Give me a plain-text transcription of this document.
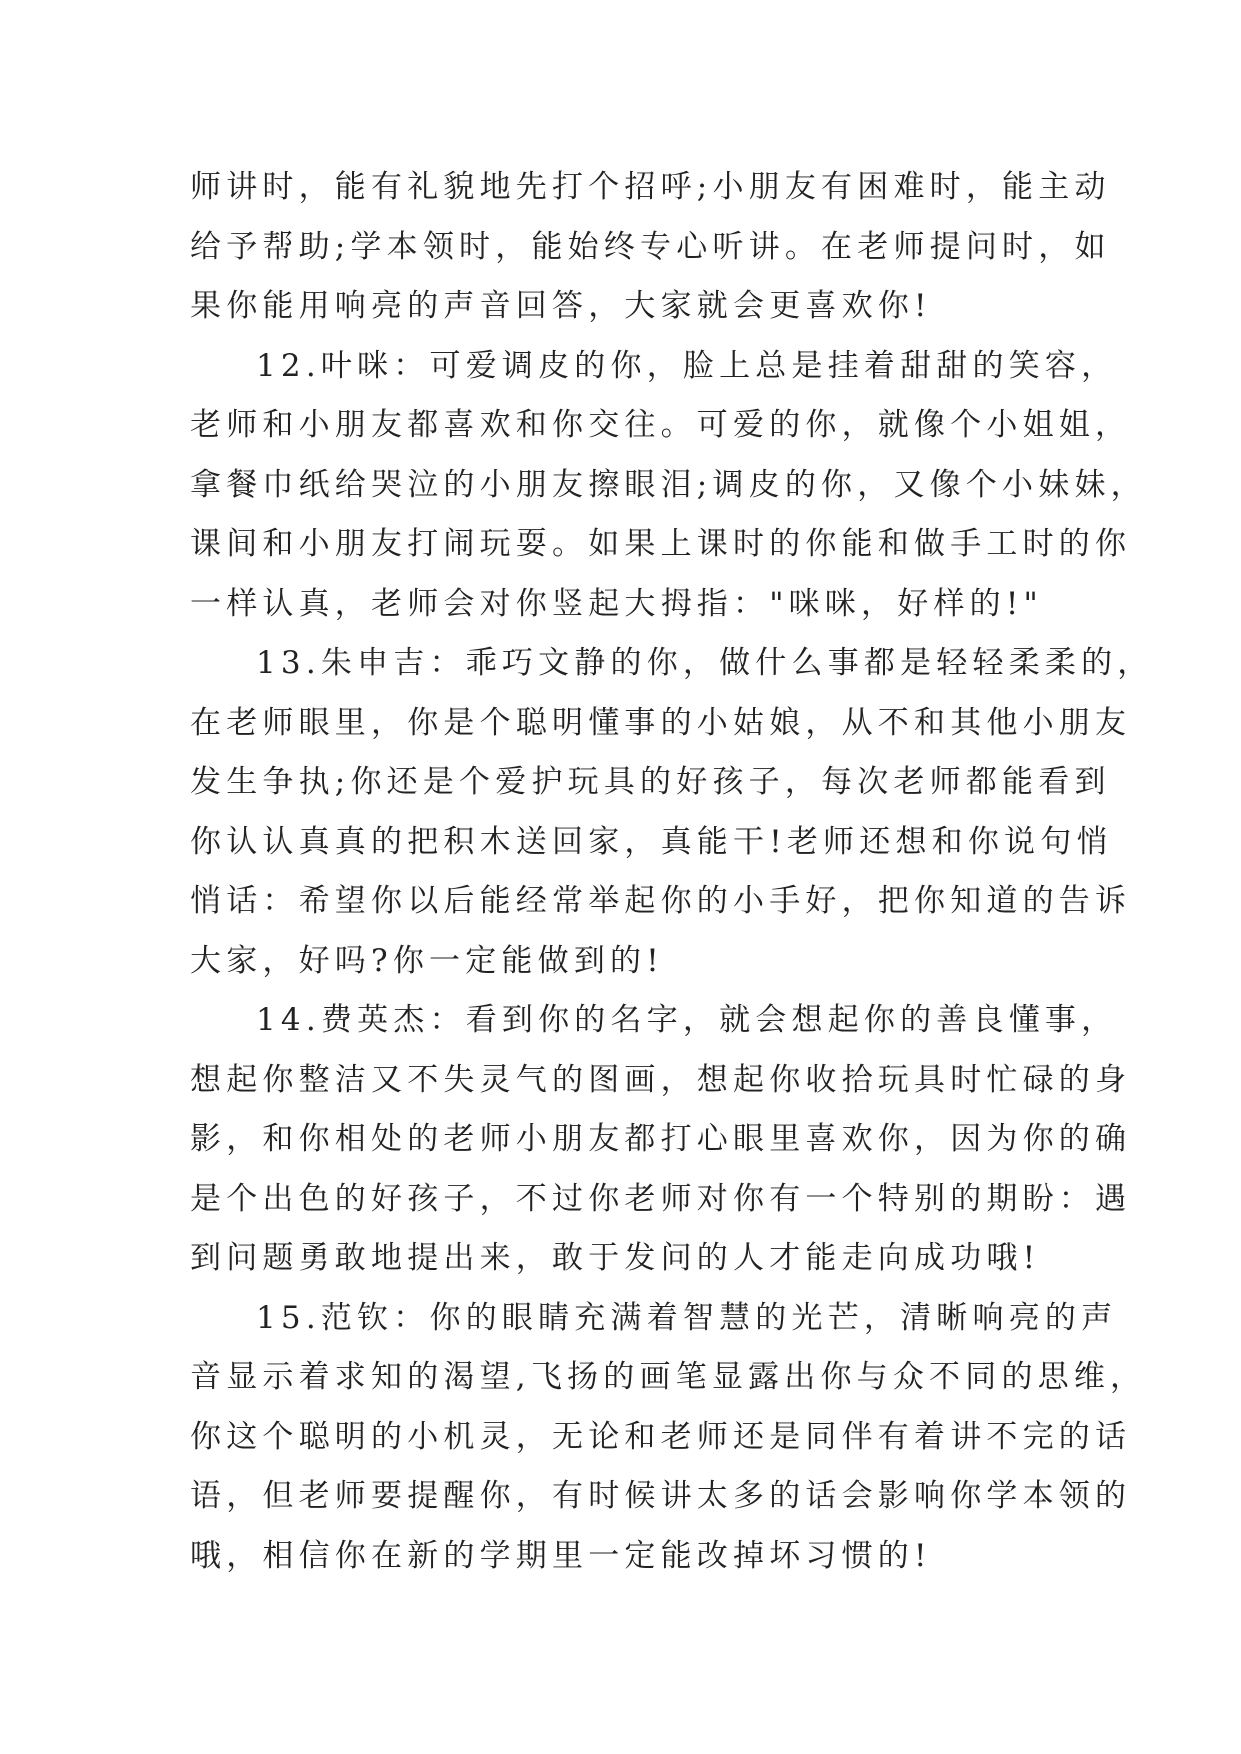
师讲时，能有礼貌地先打个招呼;小朋友有困难时，能主动
给予帮助;学本领时，能始终专心听讲。在老师提问时，如
果你能用响亮的声音回答，大家就会更喜欢你!
12.叶咪：可爱调皮的你，脸上总是挂着甜甜的笑容，
老师和小朋友都喜欢和你交往。可爱的你，就像个小姐姐，
拿餐巾纸给哭泣的小朋友擦眼泪;调皮的你，又像个小妹妹，
课间和小朋友打闹玩耍。如果上课时的你能和做手工时的你
一样认真，老师会对你竖起大拇指："咪咪，好样的!"
13.朱申吉：乖巧文静的你，做什么事都是轻轻柔柔的，
在老师眼里，你是个聪明懂事的小姑娘，从不和其他小朋友
发生争执;你还是个爱护玩具的好孩子，每次老师都能看到
你认认真真的把积木送回家，真能干!老师还想和你说句悄
悄话：希望你以后能经常举起你的小手好，把你知道的告诉
大家，好吗?你一定能做到的!
14.费英杰：看到你的名字，就会想起你的善良懂事，
想起你整洁又不失灵气的图画，想起你收拾玩具时忙碌的身
影，和你相处的老师小朋友都打心眼里喜欢你，因为你的确
是个出色的好孩子，不过你老师对你有一个特别的期盼：遇
到问题勇敢地提出来，敢于发问的人才能走向成功哦!
15.范钦：你的眼睛充满着智慧的光芒，清晰响亮的声
音显示着求知的渴望,飞扬的画笔显露出你与众不同的思维，
你这个聪明的小机灵，无论和老师还是同伴有着讲不完的话
语，但老师要提醒你，有时候讲太多的话会影响你学本领的
哦，相信你在新的学期里一定能改掉坏习惯的!
